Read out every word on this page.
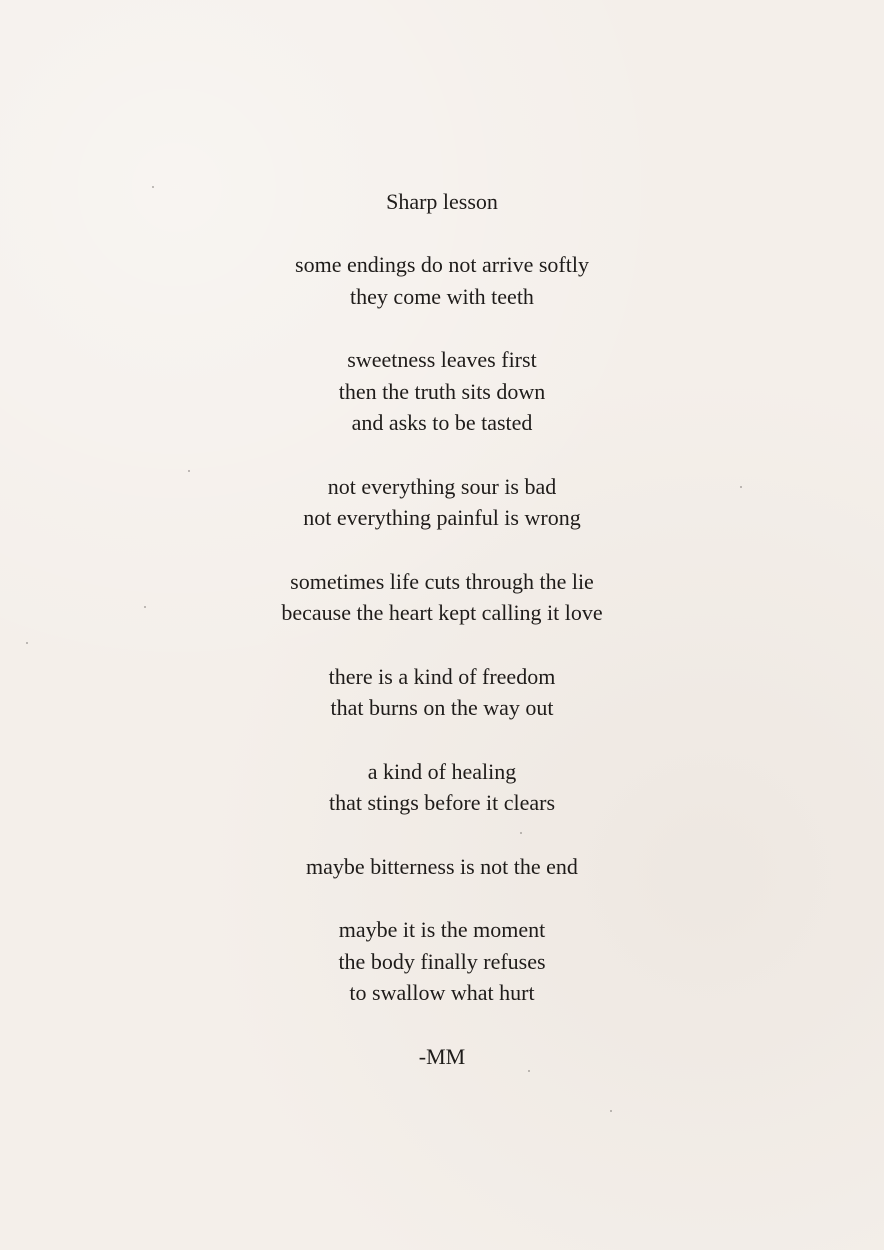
Sharp lesson
some endings do not arrive softly
they come with teeth
sweetness leaves first
then the truth sits down
and asks to be tasted
not everything sour is bad
not everything painful is wrong
sometimes life cuts through the lie
because the heart kept calling it love
there is a kind of freedom
that burns on the way out
a kind of healing
that stings before it clears
maybe bitterness is not the end
maybe it is the moment
the body finally refuses
to swallow what hurt
-MM
